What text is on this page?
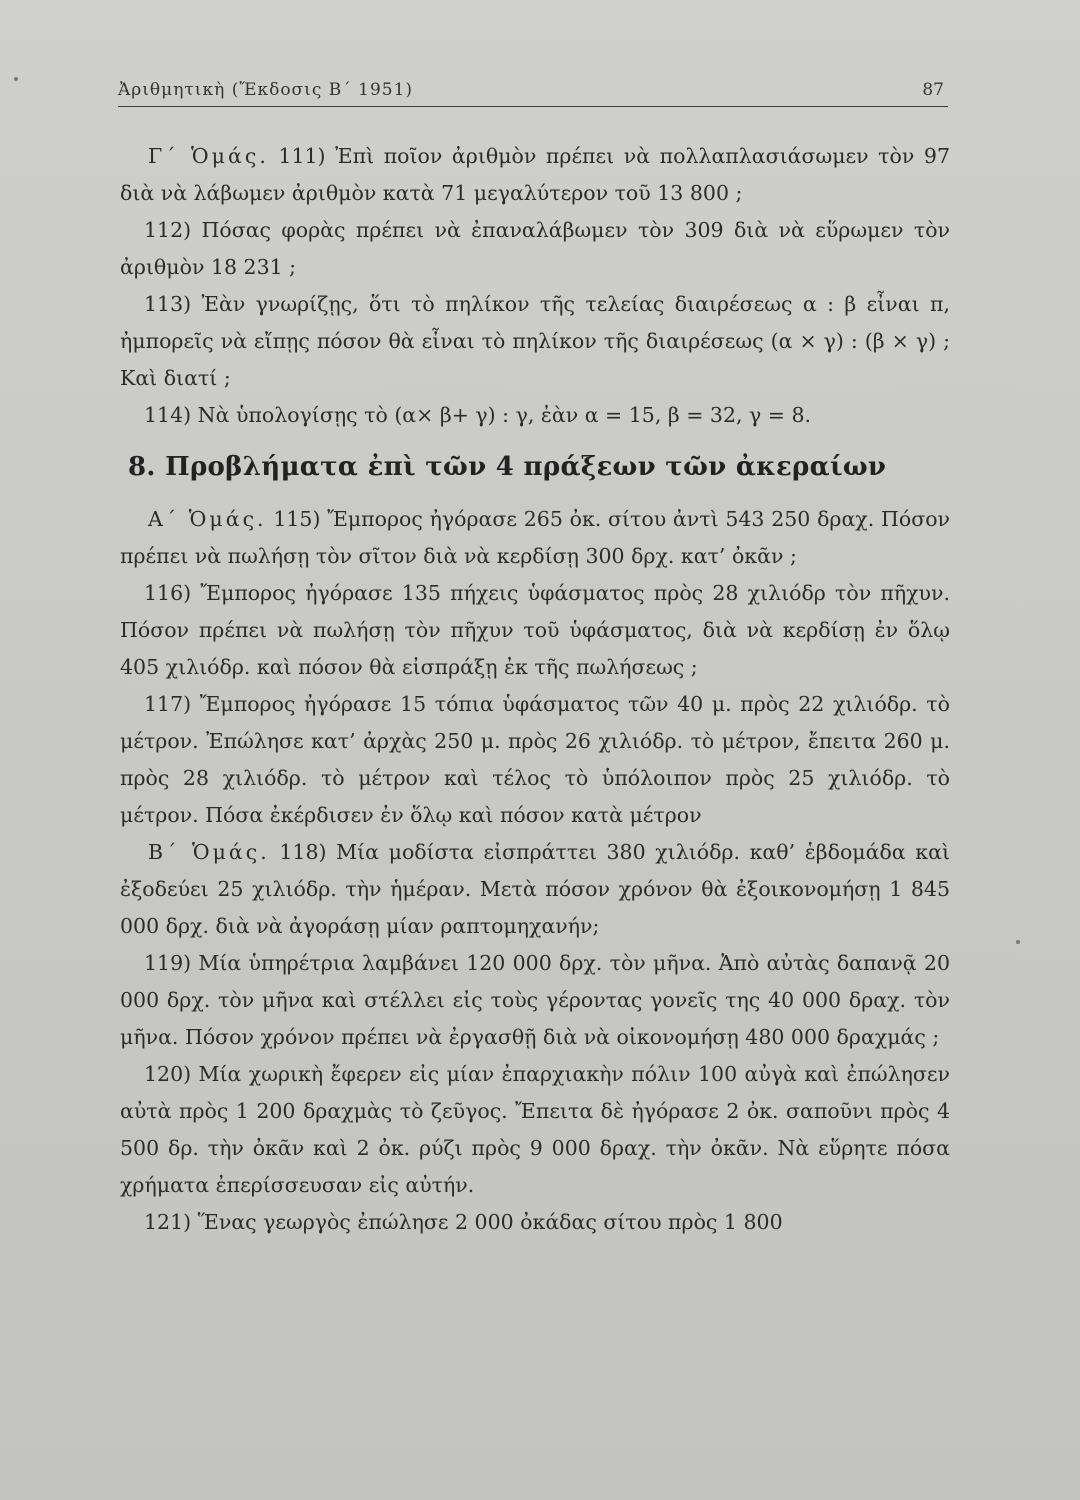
Ἀριθμητικὴ (Ἔκδοσις Β΄ 1951)	87

Γ΄ Ὁμάς. 111) Ἐπὶ ποῖον ἀριθμὸν πρέπει νὰ πολλαπλασιάσωμεν τὸν 97 διὰ νὰ λάβωμεν ἀριθμὸν κατὰ 71 μεγαλύτερον τοῦ 13 800 ;

112) Πόσας φορὰς πρέπει νὰ ἐπαναλάβωμεν τὸν 309 διὰ νὰ εὕρωμεν τὸν ἀριθμὸν 18 231 ;

113) Ἐὰν γνωρίζῃς, ὅτι τὸ πηλίκον τῆς τελείας διαιρέσεως α : β εἶναι π, ἠμπορεῖς νὰ εἴπῃς πόσον θὰ εἶναι τὸ πηλίκον τῆς διαιρέσεως (α × γ) : (β × γ) ; Καὶ διατί ;

114) Νὰ ὑπολογίσῃς τὸ (α× β+ γ) : γ, ἐὰν α = 15, β = 32, γ = 8.

8. Προβλήματα ἐπὶ τῶν 4 πράξεων τῶν ἀκεραίων

Α΄ Ὁμάς. 115) Ἔμπορος ἠγόρασε 265 ὀκ. σίτου ἀντὶ 543 250 δραχ. Πόσον πρέπει νὰ πωλήσῃ τὸν σῖτον διὰ νὰ κερδίσῃ 300 δρχ. κατ’ ὀκᾶν ;

116) Ἔμπορος ἠγόρασε 135 πήχεις ὑφάσματος πρὸς 28 χιλιόδρ τὸν πῆχυν. Πόσον πρέπει νὰ πωλήσῃ τὸν πῆχυν τοῦ ὑφάσματος, διὰ νὰ κερδίσῃ ἐν ὅλῳ 405 χιλιόδρ. καὶ πόσον θὰ εἰσπράξῃ ἐκ τῆς πωλήσεως ;

117) Ἔμπορος ἠγόρασε 15 τόπια ὑφάσματος τῶν 40 μ. πρὸς 22 χιλιόδρ. τὸ μέτρον. Ἐπώλησε κατ’ ἀρχὰς 250 μ. πρὸς 26 χιλιόδρ. τὸ μέτρον, ἔπειτα 260 μ. πρὸς 28 χιλιόδρ. τὸ μέτρον καὶ τέλος τὸ ὑπόλοιπον πρὸς 25 χιλιόδρ. τὸ μέτρον. Πόσα ἐκέρδισεν ἐν ὅλῳ καὶ πόσον κατὰ μέτρον

Β΄ Ὁμάς. 118) Μία μοδίστα εἰσπράττει 380 χιλιόδρ. καθ’ ἑβδομάδα καὶ ἐξοδεύει 25 χιλιόδρ. τὴν ἡμέραν. Μετὰ πόσον χρόνον θὰ ἐξοικονομήσῃ 1 845 000 δρχ. διὰ νὰ ἀγοράσῃ μίαν ραπτομηχανήν;

119) Μία ὑπηρέτρια λαμβάνει 120 000 δρχ. τὸν μῆνα. Ἀπὸ αὐτὰς δαπανᾷ 20 000 δρχ. τὸν μῆνα καὶ στέλλει εἰς τοὺς γέροντας γονεῖς της 40 000 δραχ. τὸν μῆνα. Πόσον χρόνον πρέπει νὰ ἐργασθῇ διὰ νὰ οἰκονομήσῃ 480 000 δραχμάς ;

120) Μία χωρικὴ ἔφερεν εἰς μίαν ἐπαρχιακὴν πόλιν 100 αὐγὰ καὶ ἐπώλησεν αὐτὰ πρὸς 1 200 δραχμὰς τὸ ζεῦγος. Ἔπειτα δὲ ἠγόρασε 2 ὀκ. σαποῦνι πρὸς 4 500 δρ. τὴν ὀκᾶν καὶ 2 ὀκ. ρύζι πρὸς 9 000 δραχ. τὴν ὀκᾶν. Νὰ εὕρητε πόσα χρήματα ἐπερίσσευσαν εἰς αὐτήν.

121) Ἕνας γεωργὸς ἐπώλησε 2 000 ὀκάδας σίτου πρὸς 1 800
